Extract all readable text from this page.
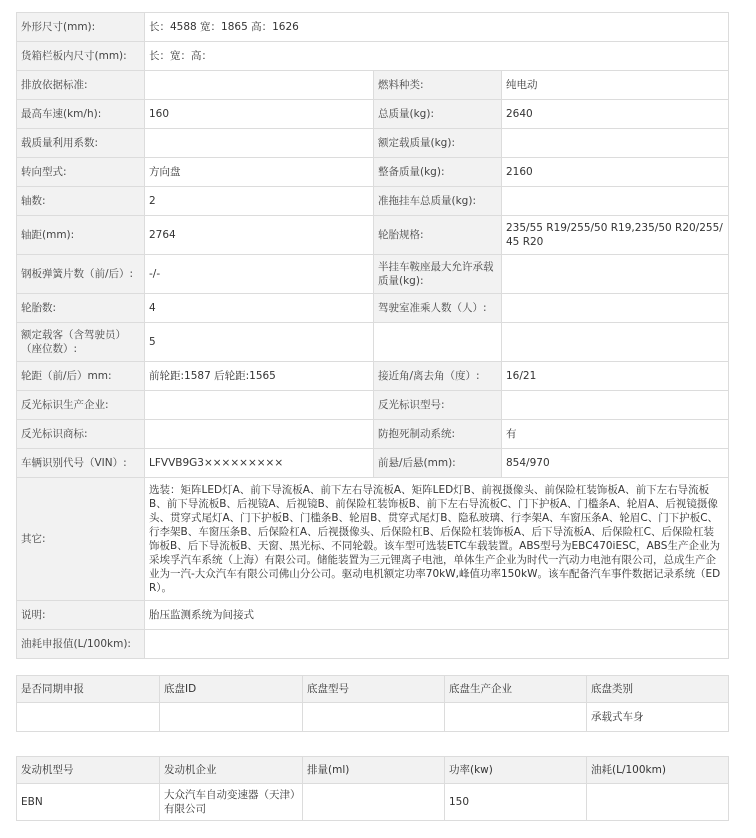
外形尺寸(mm):	长：4588 宽：1865 高：1626		
货箱栏板内尺寸(mm):	长：宽：高：		
排放依据标准:		燃料种类:	纯电动
最高车速(km/h):	160	总质量(kg):	2640
载质量利用系数:		额定载质量(kg):	
转向型式:	方向盘	整备质量(kg):	2160
轴数:	2	准拖挂车总质量(kg):	
轴距(mm):	2764	轮胎规格:	235/55 R19/255/50 R19,235/50 R20/255/45 R20
钢板弹簧片数（前/后）:	-/-	半挂车鞍座最大允许承载质量(kg):	
轮胎数:	4	驾驶室准乘人数（人）:	
额定载客（含驾驶员）（座位数）:	5		
轮距（前/后）mm:	前轮距:1587 后轮距:1565	接近角/离去角（度）:	16/21
反光标识生产企业:		反光标识型号:	
反光标识商标:		防抱死制动系统:	有
车辆识别代号（VIN）:	LFVVB9G3×××××××××	前悬/后悬(mm):	854/970
其它:	选装：矩阵LED灯A、前下导流板A、前下左右导流板A、矩阵LED灯B、前视摄像头、前保险杠装饰板A、前下左右导流板B、前下导流板B、后视镜A、后视镜B、前保险杠装饰板B、前下左右导流板C、门下护板A、门槛条A、轮眉A、后视镜摄像头、贯穿式尾灯A、门下护板B、门槛条B、轮眉B、贯穿式尾灯B、隐私玻璃、行李架A、车窗压条A、轮眉C、门下护板C、行李架B、车窗压条B、后保险杠A、后视摄像头、后保险杠B、后保险杠装饰板A、后下导流板A、后保险杠C、后保险杠装饰板B、后下导流板B、天窗、黑光标、不同轮毂。该车型可选装ETC车载装置。ABS型号为EBC470iESC，ABS生产企业为采埃孚汽车系统（上海）有限公司。储能装置为三元锂离子电池，单体生产企业为时代一汽动力电池有限公司，总成生产企业为一汽-大众汽车有限公司佛山分公司。驱动电机额定功率70kW,峰值功率150kW。该车配备汽车事件数据记录系统（EDR）。		
说明:	胎压监测系统为间接式		
油耗申报值(L/100km):			
是否同期申报	底盘ID	底盘型号	底盘生产企业	底盘类别
				承载式车身
发动机型号	发动机企业	排量(ml)	功率(kw)	油耗(L/100km)
EBN	大众汽车自动变速器（天津）有限公司		150	
